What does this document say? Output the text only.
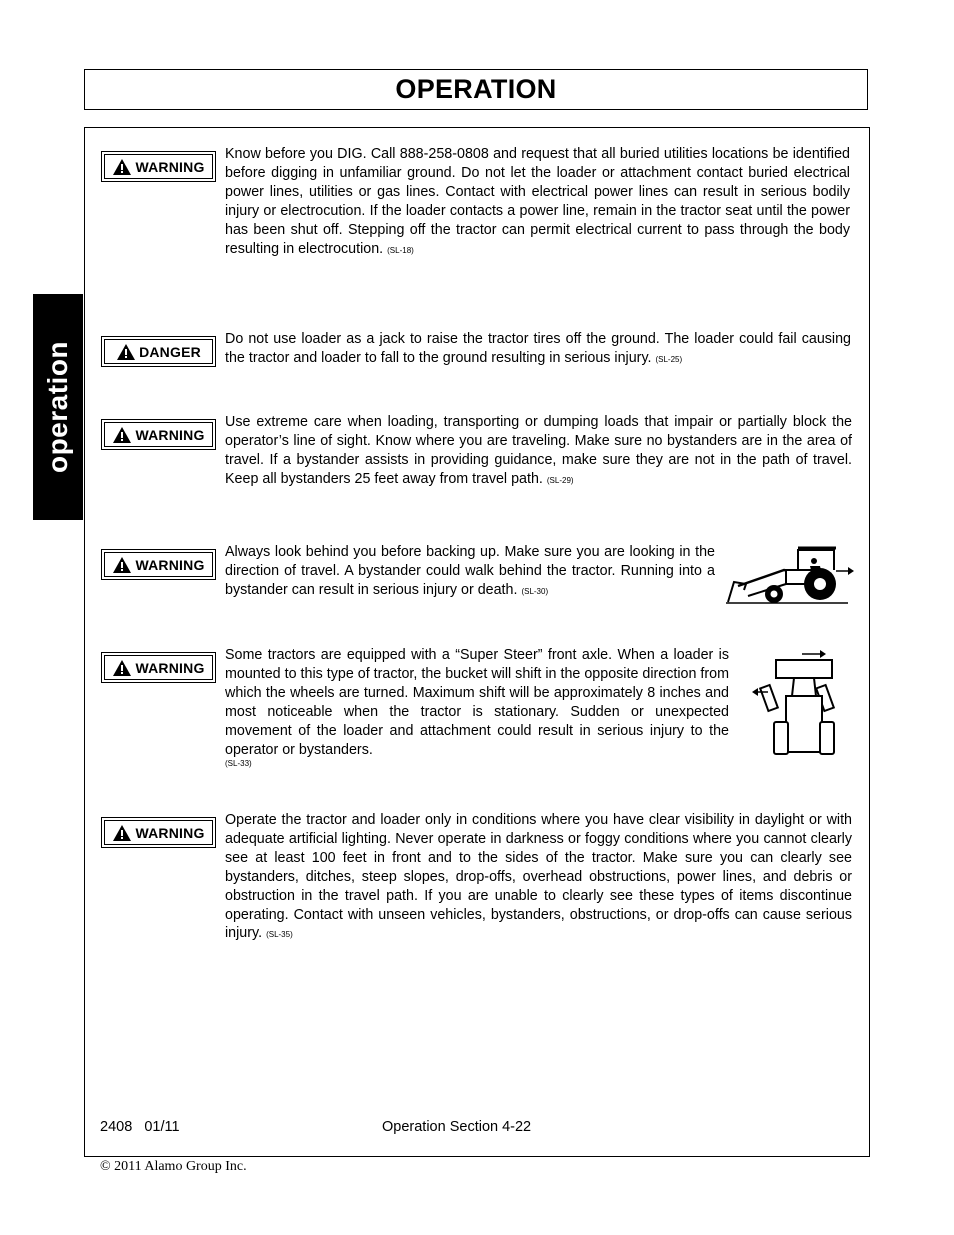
OPERATION
operation
WARNING
Know before you DIG. Call 888-258-0808 and request that all buried utilities locations be identified before digging in unfamiliar ground. Do not let the loader or attachment contact buried electrical power lines, utilities or gas lines. Contact with electrical power lines can result in serious bodily injury or electrocution. If the loader contacts a power line, remain in the tractor seat until the power has been shut off. Stepping off the tractor can permit electrical current to pass through the body resulting in electrocution. (SL-18)
DANGER
Do not use loader as a jack to raise the tractor tires off the ground. The loader could fail causing the tractor and loader to fall to the ground resulting in serious injury. (SL-25)
WARNING
Use extreme care when loading, transporting or dumping loads that impair or partially block the operator’s line of sight. Know where you are traveling. Make sure no bystanders are in the area of travel. If a bystander assists in providing guidance, make sure they are not in the path of travel. Keep all bystanders 25 feet away from travel path. (SL-29)
WARNING
Always look behind you before backing up. Make sure you are looking in the direction of travel. A bystander could walk behind the tractor. Running into a bystander can result in serious injury or death. (SL-30)
WARNING
Some tractors are equipped with a “Super Steer” front axle. When a loader is mounted to this type of tractor, the bucket will shift in the opposite direction from which the wheels are turned. Maximum shift will be approximately 8 inches and most noticeable when the tractor is stationary. Sudden or unexpected movement of the loader and attachment could result in serious injury to the operator or bystanders.
(SL-33)
WARNING
Operate the tractor and loader only in conditions where you have clear visibility in daylight or with adequate artificial lighting. Never operate in darkness or foggy conditions where you cannot clearly see at least 100 feet in front and to the sides of the tractor. Make sure you can clearly see bystanders, ditches, steep slopes, drop-offs, overhead obstructions, power lines, and debris or obstruction in the travel path. If you are unable to clearly see these types of items discontinue operating. Contact with unseen vehicles, bystanders, obstructions, or drop-offs can cause serious injury. (SL-35)
2408 01/11	Operation Section 4-22
© 2011 Alamo Group Inc.
